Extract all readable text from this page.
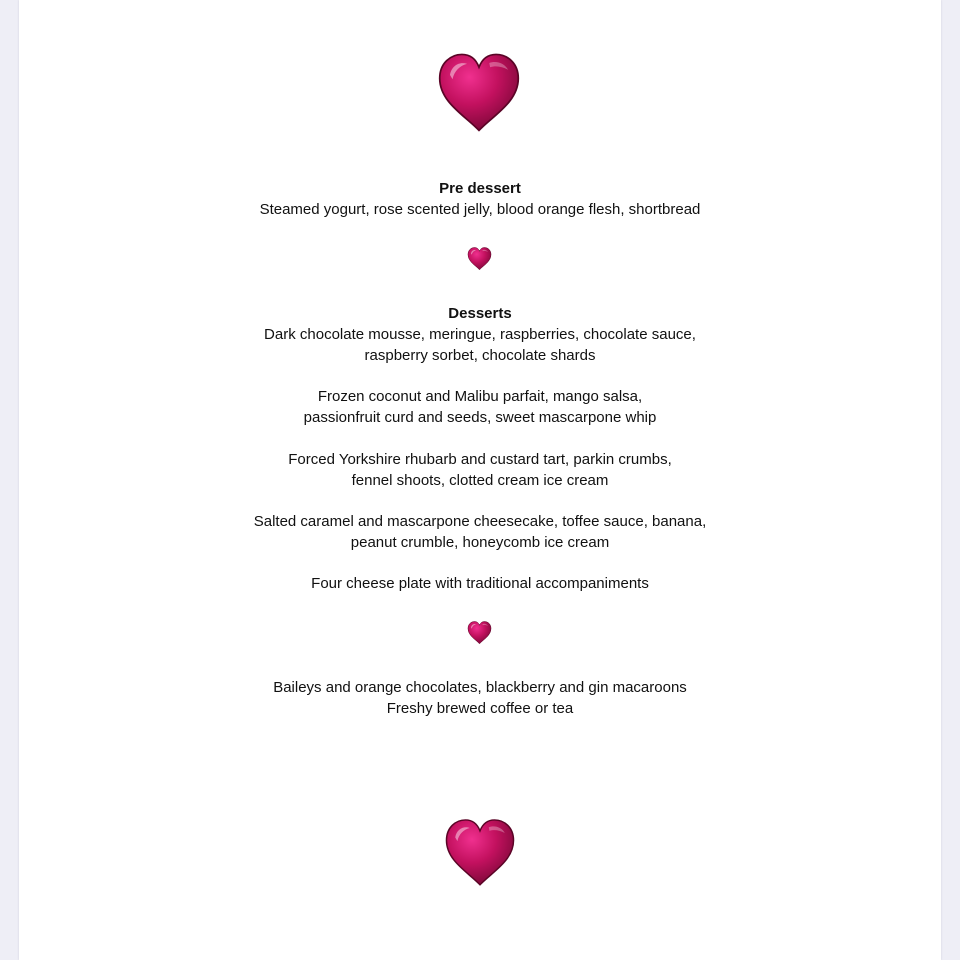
Pre dessert

Steamed yogurt, rose scented jelly, blood orange flesh, shortbread

Desserts

Dark chocolate mousse, meringue, raspberries, chocolate sauce,

raspberry sorbet, chocolate shards

Frozen coconut and Malibu parfait, mango salsa,

passionfruit curd and seeds, sweet mascarpone whip

Forced Yorkshire rhubarb and custard tart, parkin crumbs,

fennel shoots, clotted cream ice cream

Salted caramel and mascarpone cheesecake, toffee sauce, banana,

peanut crumble, honeycomb ice cream

Four cheese plate with traditional accompaniments

Baileys and orange chocolates, blackberry and gin macaroons

Freshy brewed coffee or tea
